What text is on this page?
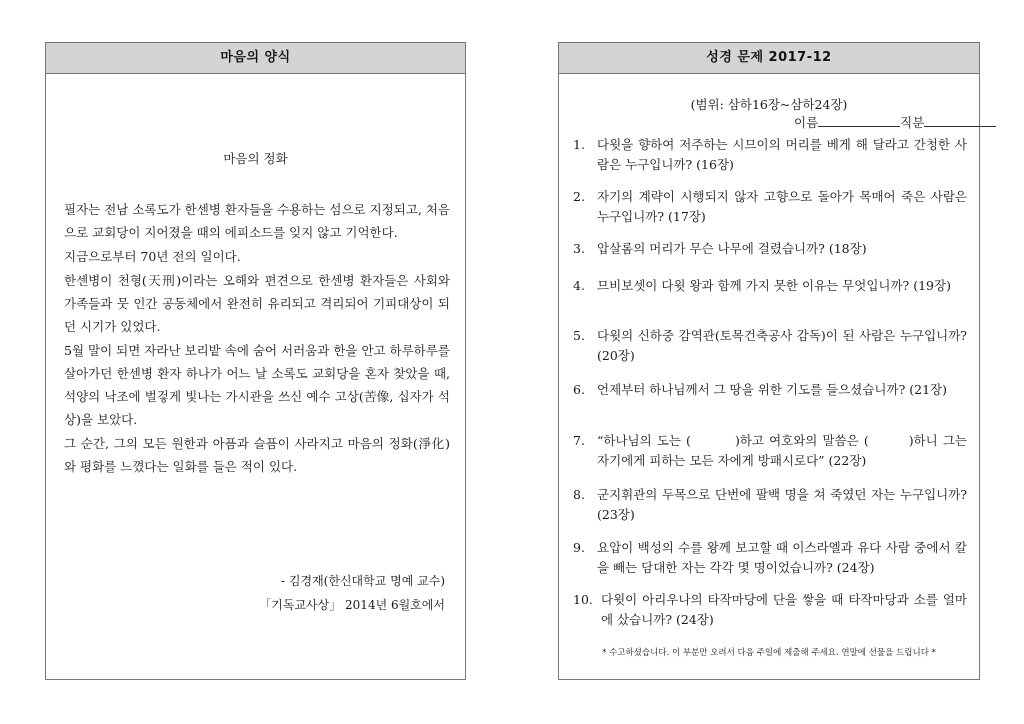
마음의 양식
마음의 정화

필자는 전남 소록도가 한센병 환자들을 수용하는 섬으로 지정되고, 처음으로 교회당이 지어졌을 때의 에피소드를 잊지 않고 기억한다.

지금으로부터 70년 전의 일이다.

한센병이 천형(天刑)이라는 오해와 편견으로 한센병 환자들은 사회와 가족들과 뭇 인간 공동체에서 완전히 유리되고 격리되어 기피대상이 되던 시기가 있었다.

5월 말이 되면 자라난 보리밭 속에 숨어 서러움과 한을 안고 하루하루를 살아가던 한센병 환자 하나가 어느 날 소록도 교회당을 혼자 찾았을 때, 석양의 낙조에 벌겋게 빛나는 가시관을 쓰신 예수 고상(苦像, 십자가 석상)을 보았다.

그 순간, 그의 모든 원한과 아픔과 슬픔이 사라지고 마음의 정화(淨化)와 평화를 느꼈다는 일화를 들은 적이 있다.

- 김경재(한신대학교 명예 교수)
「기독교사상」 2014년 6월호에서
성경 문제 2017-12
(범위: 삼하16장~삼하24장)
이름	직분
1. 다윗을 향하여 저주하는 시므이의 머리를 베게 해 달라고 간청한 사람은 누구입니까? (16장)
2. 자기의 계략이 시행되지 않자 고향으로 돌아가 목매어 죽은 사람은 누구입니까? (17장)
3. 압살롬의 머리가 무슨 나무에 걸렸습니까? (18장)
4. 므비보셋이 다윗 왕과 함께 가지 못한 이유는 무엇입니까? (19장)
5. 다윗의 신하중 감역관(토목건축공사 감독)이 된 사람은 누구입니까? (20장)
6. 언제부터 하나님께서 그 땅을 위한 기도를 들으셨습니까? (21장)
7. “하나님의 도는 (	)하고 여호와의 말씀은 (	)하니 그는 자기에게 피하는 모든 자에게 방패시로다” (22장)
8. 군지휘관의 두목으로 단번에 팔백 명을 쳐 죽였던 자는 누구입니까? (23장)
9. 요압이 백성의 수를 왕께 보고할 때 이스라엘과 유다 사람 중에서 칼을 빼는 담대한 자는 각각 몇 명이었습니까? (24장)
10. 다윗이 아리우나의 타작마당에 단을 쌓을 때 타작마당과 소를 얼마에 샀습니까? (24장)
* 수고하셨습니다. 이 부분만 오려서 다음 주일에 제출해 주세요. 연말에 선물을 드립니다 *
